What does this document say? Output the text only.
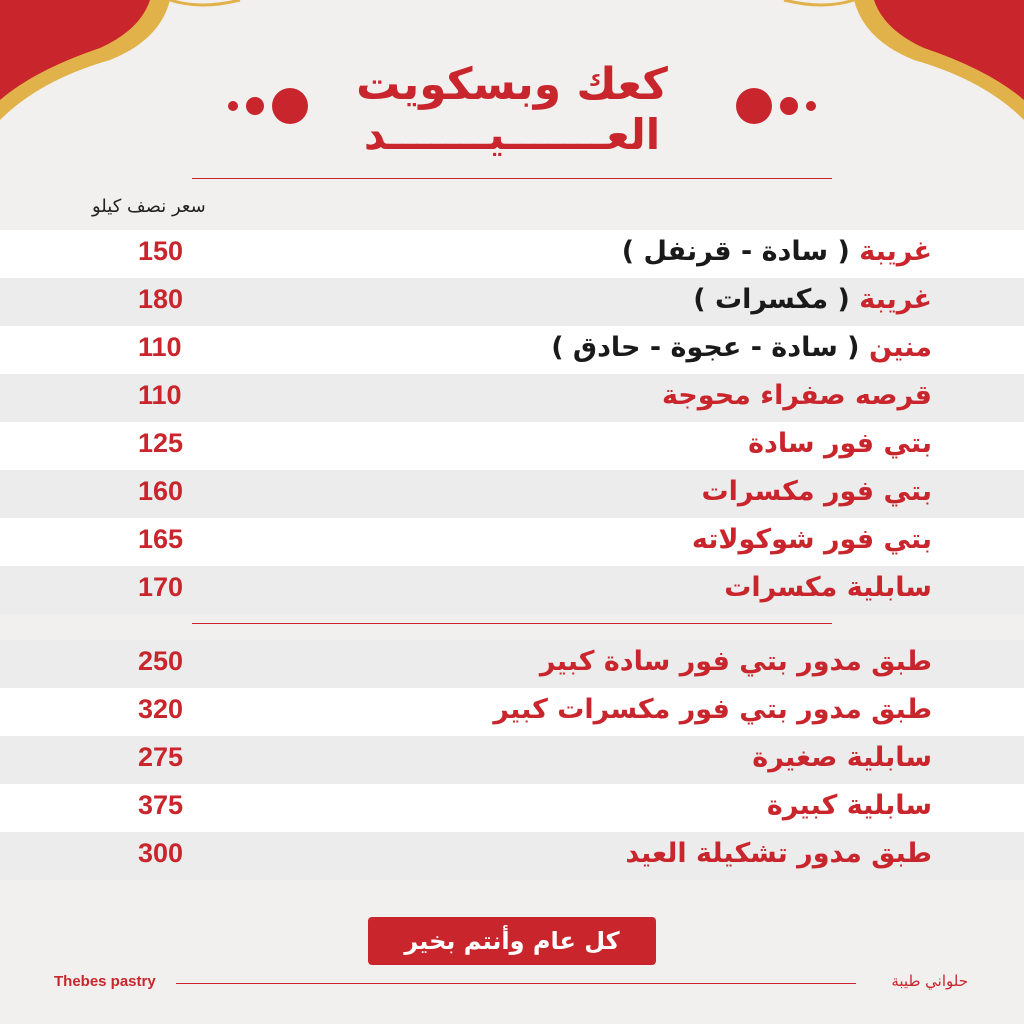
كعك وبسكويت

العـــــــيـــــــد

سعر نصف كيلو
150	غريبة ( سادة - قرنفل )
180	غريبة ( مكسرات )
110	منين ( سادة - عجوة - حادق )
110	قرصه صفراء محوجة
125	بتي فور سادة
160	بتي فور مكسرات
165	بتي فور شوكولاته
170	سابلية مكسرات
250	طبق مدور بتي فور سادة كبير
320	طبق مدور بتي فور مكسرات كبير
275	سابلية صغيرة
375	سابلية كبيرة
300	طبق مدور تشكيلة العيد
كل عام وأنتم بخير
Thebes pastry	حلواني طيبة
